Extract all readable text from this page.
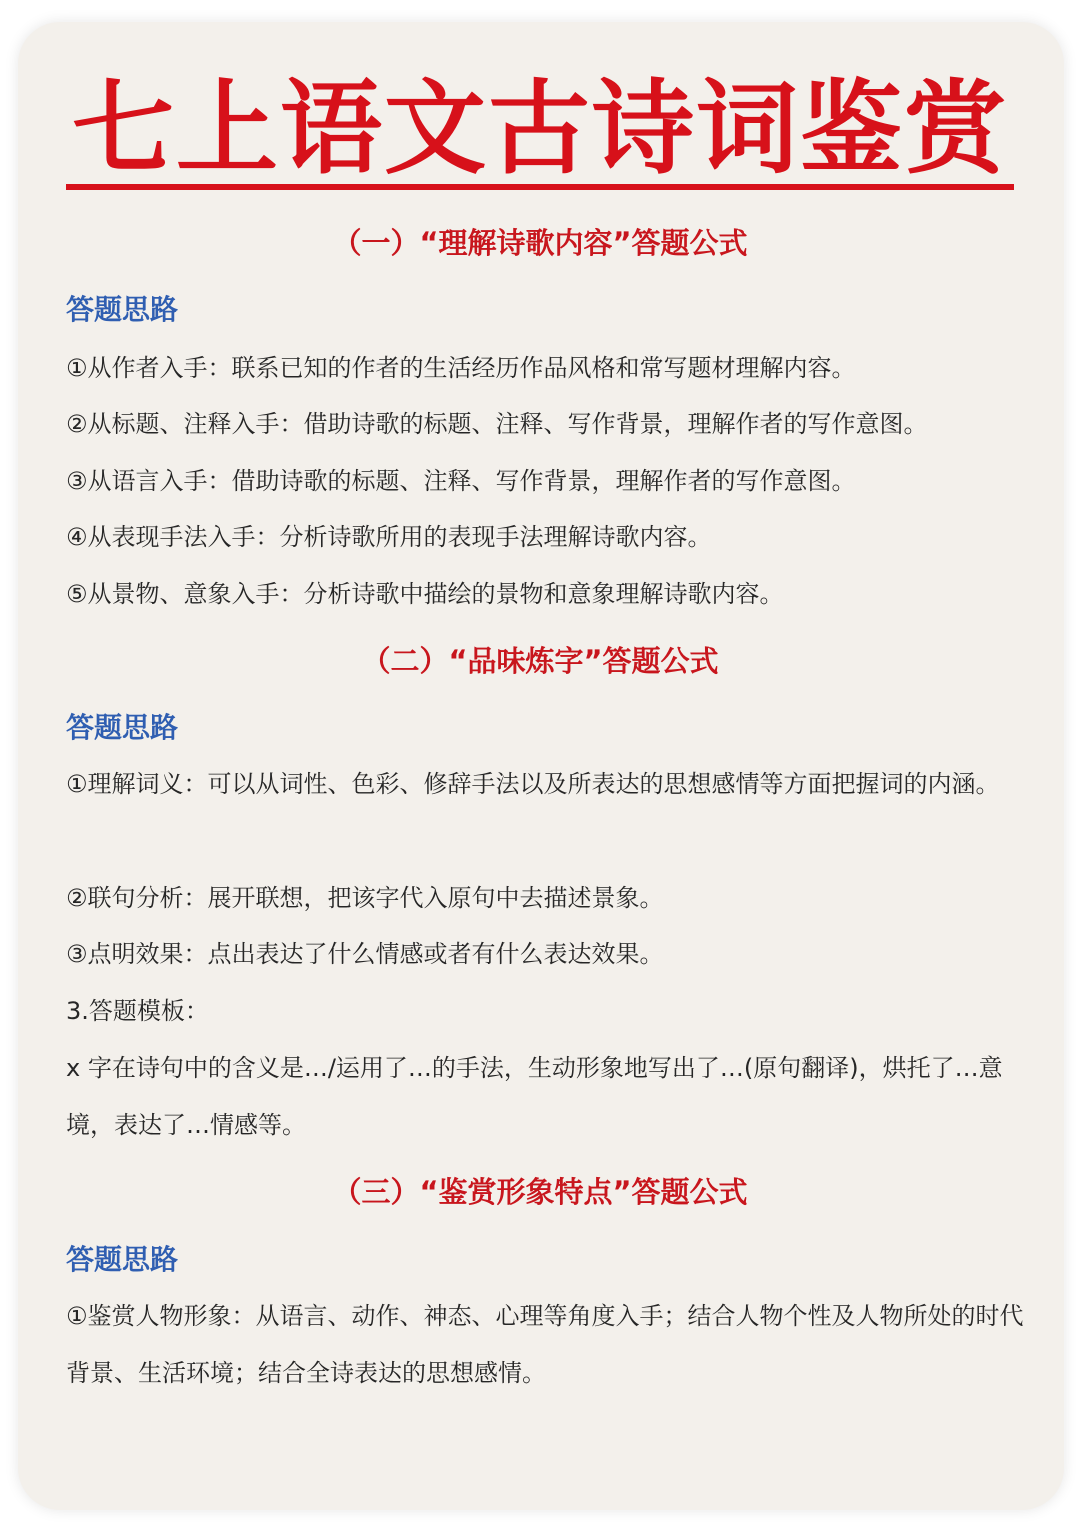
七上语文古诗词鉴赏
（一）“理解诗歌内容”答题公式
答题思路

①从作者入手：联系已知的作者的生活经历作品风格和常写题材理解内容。

②从标题、注释入手：借助诗歌的标题、注释、写作背景，理解作者的写作意图。

③从语言入手：借助诗歌的标题、注释、写作背景，理解作者的写作意图。

④从表现手法入手：分析诗歌所用的表现手法理解诗歌内容。

⑤从景物、意象入手：分析诗歌中描绘的景物和意象理解诗歌内容。

（二）“品味炼字”答题公式
答题思路

①理解词义：可以从词性、色彩、修辞手法以及所表达的思想感情等方面把握词的内涵。

②联句分析：展开联想，把该字代入原句中去描述景象。

③点明效果：点出表达了什么情感或者有什么表达效果。

3.答题模板：

x 字在诗句中的含义是…/运用了…的手法，生动形象地写出了…(原句翻译)，烘托了…意境，表达了…情感等。

（三）“鉴赏形象特点”答题公式
答题思路

①鉴赏人物形象：从语言、动作、神态、心理等角度入手；结合人物个性及人物所处的时代背景、生活环境；结合全诗表达的思想感情。
